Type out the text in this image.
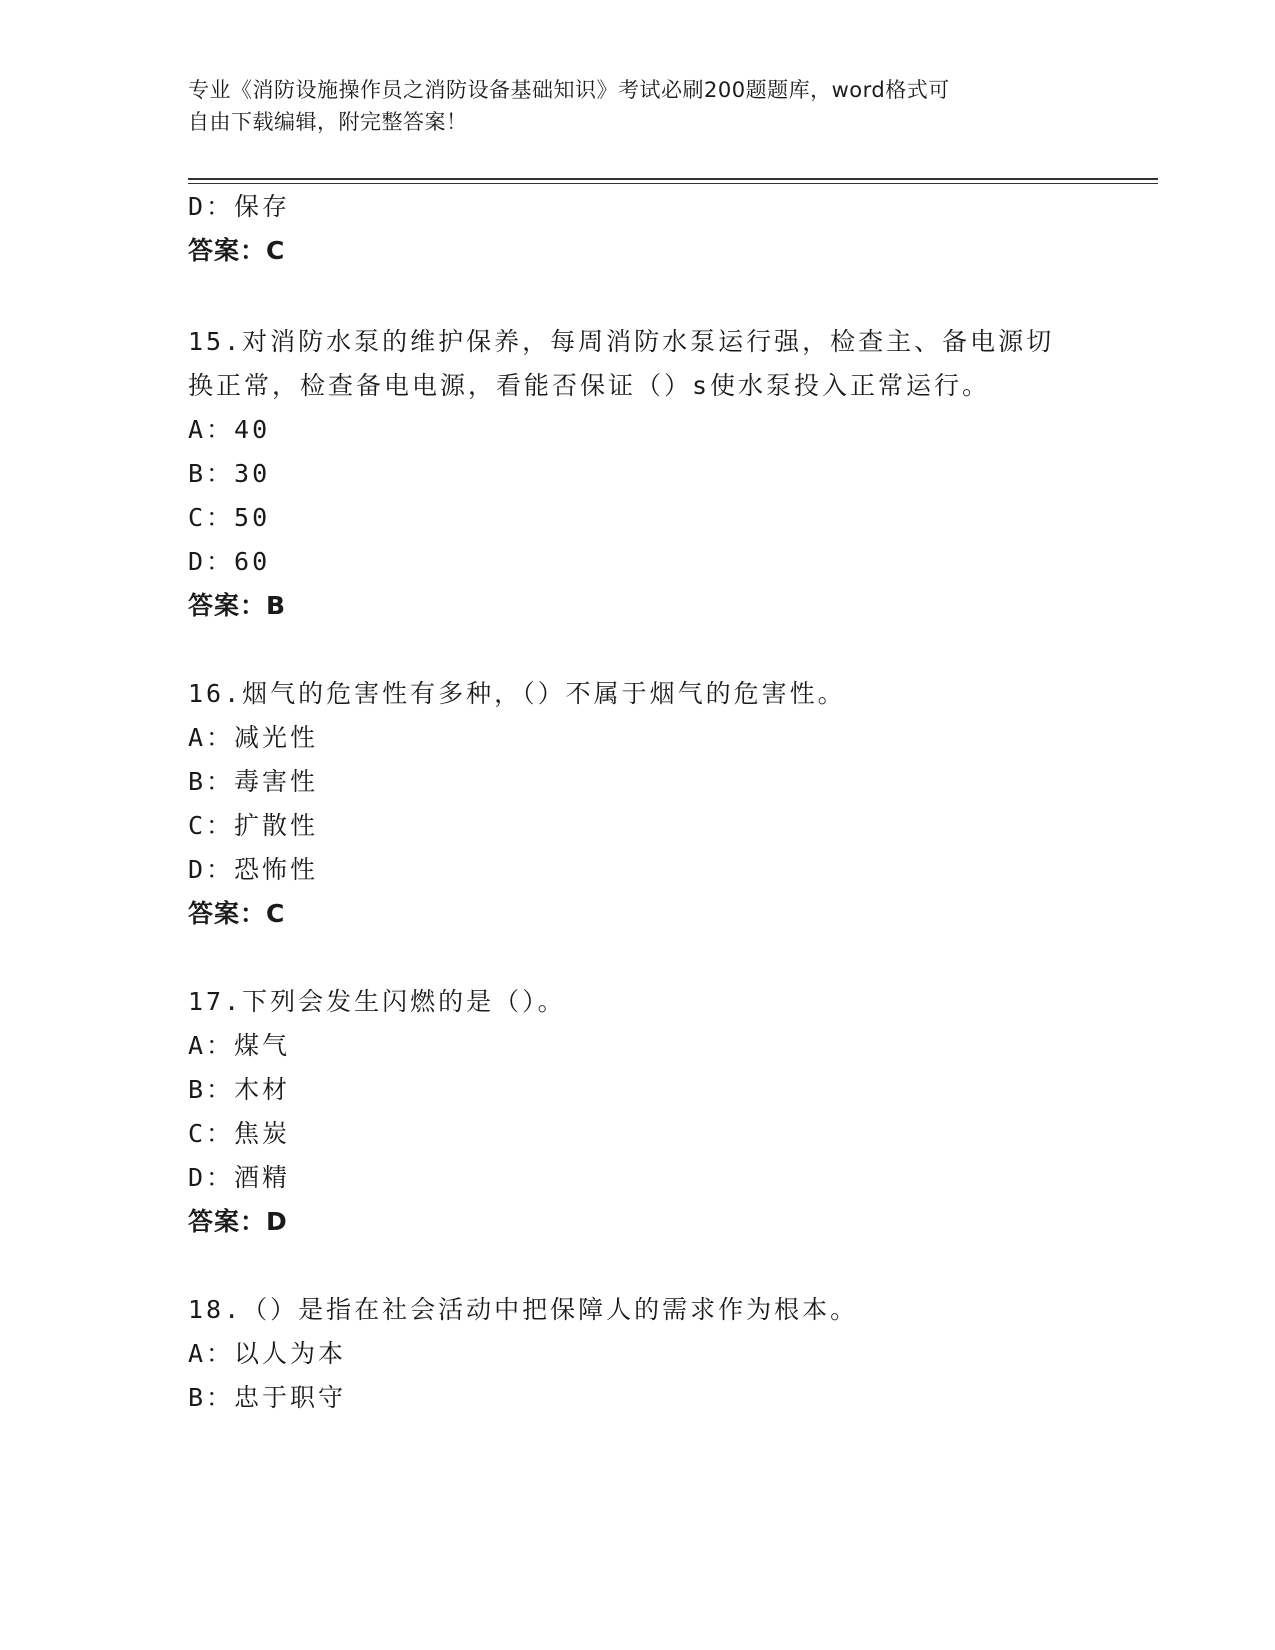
专业《消防设施操作员之消防设备基础知识》考试必刷200题题库，word格式可
自由下载编辑，附完整答案！
D：保存
答案：C
15.对消防水泵的维护保养，每周消防水泵运行强，检查主、备电源切
换正常，检查备电电源，看能否保证（）s使水泵投入正常运行。
A：40
B：30
C：50
D：60
答案：B
16.烟气的危害性有多种，（）不属于烟气的危害性。
A：减光性
B：毒害性
C：扩散性
D：恐怖性
答案：C
17.下列会发生闪燃的是（）。
A：煤气
B：木材
C：焦炭
D：酒精
答案：D
18.（）是指在社会活动中把保障人的需求作为根本。
A：以人为本
B：忠于职守
